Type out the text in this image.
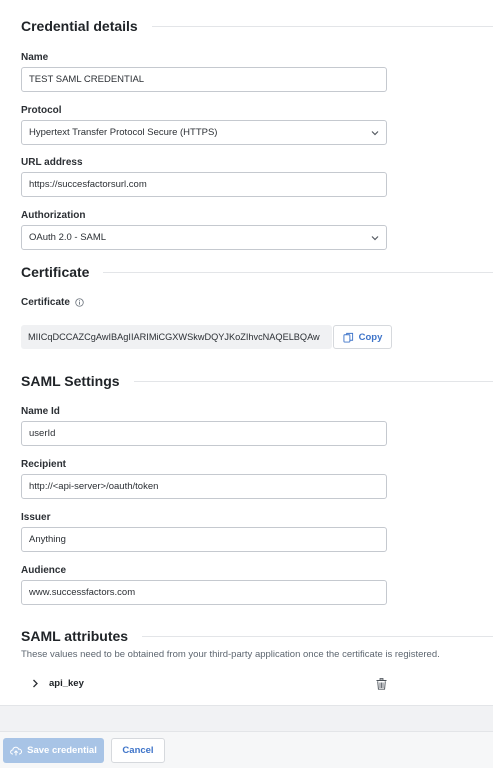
Credential details
Name
TEST SAML CREDENTIAL
Protocol
Hypertext Transfer Protocol Secure (HTTPS)
URL address
https://succesfactorsurl.com
Authorization
OAuth 2.0 - SAML
Certificate
Certificate
MIICqDCCAZCgAwIBAgIIARIMiCGXWSkwDQYJKoZIhvcNAQELBQAw	Copy
SAML Settings
Name Id
userId
Recipient
http://<api-server>/oauth/token
Issuer
Anything
Audience
www.successfactors.com
SAML attributes
These values need to be obtained from your third-party application once the certificate is registered.
api_key
Save credential	Cancel
